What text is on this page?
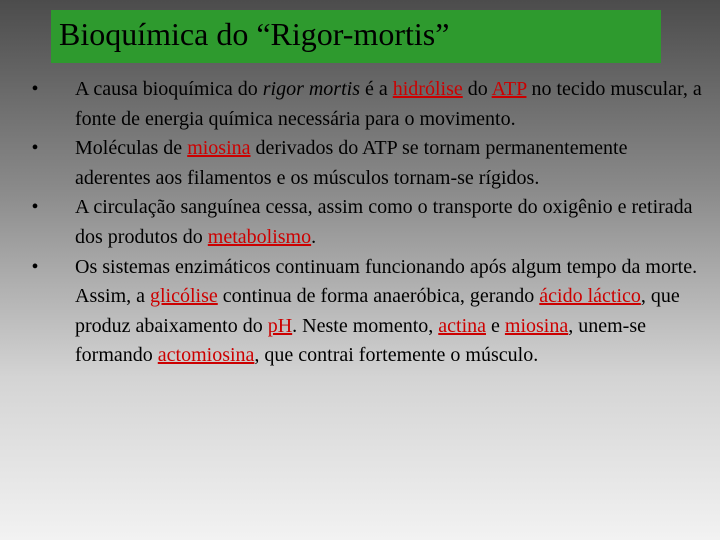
Bioquímica do “Rigor-mortis”
•	A causa bioquímica do rigor mortis é a hidrólise do ATP no tecido muscular, a fonte de energia química necessária para o movimento.
•	Moléculas de miosina derivados do ATP se tornam permanentemente aderentes aos filamentos e os músculos tornam-se rígidos.
•	A circulação sanguínea cessa, assim como o transporte do oxigênio e retirada dos produtos do metabolismo.
•	Os sistemas enzimáticos continuam funcionando após algum tempo da morte. Assim, a glicólise continua de forma anaeróbica, gerando ácido láctico, que produz abaixamento do pH. Neste momento, actina e miosina, unem-se formando actomiosina, que contrai fortemente o músculo.
